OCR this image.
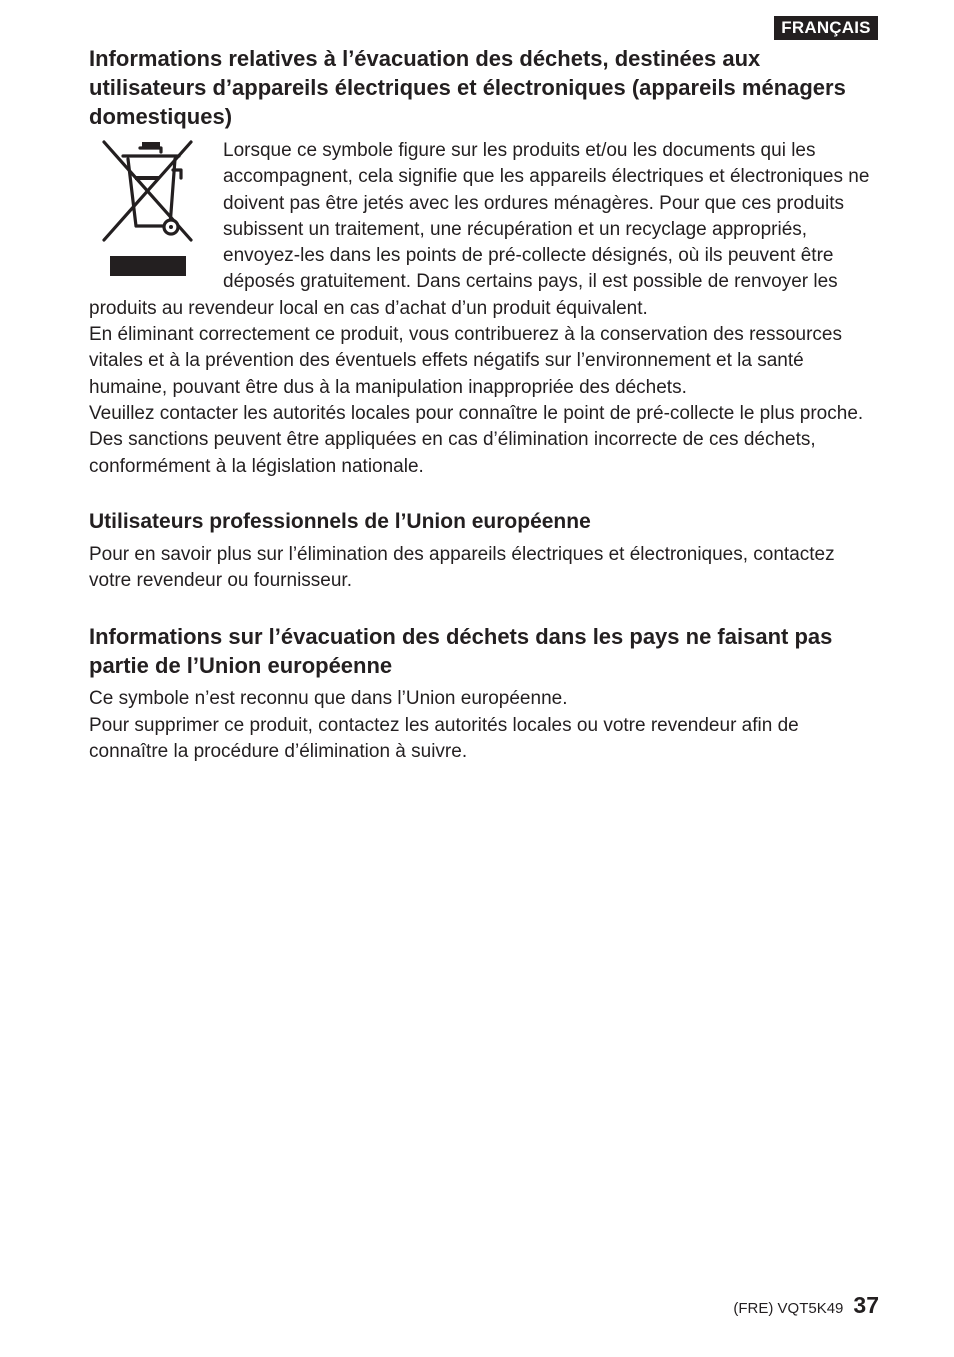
FRANÇAIS
Informations relatives à l’évacuation des déchets, destinées aux utilisateurs d’appareils électriques et électroniques (appareils ménagers domestiques)

Lorsque ce symbole figure sur les produits et/ou les documents qui les accompagnent, cela signifie que les appareils électriques et électroniques ne doivent pas être jetés avec les ordures ménagères. Pour que ces produits subissent un traitement, une récupération et un recyclage appropriés, envoyez-les dans les points de pré-collecte désignés, où ils peuvent être déposés gratuitement. Dans certains pays, il est possible de renvoyer les produits au revendeur local en cas d’achat d’un produit équivalent.

En éliminant correctement ce produit, vous contribuerez à la conservation des ressources vitales et à la prévention des éventuels effets négatifs sur l’environnement et la santé humaine, pouvant être dus à la manipulation inappropriée des déchets.

Veuillez contacter les autorités locales pour connaître le point de pré-collecte le plus proche.

Des sanctions peuvent être appliquées en cas d’élimination incorrecte de ces déchets, conformément à la législation nationale.

Utilisateurs professionnels de l’Union européenne

Pour en savoir plus sur l’élimination des appareils électriques et électroniques, contactez votre revendeur ou fournisseur.

Informations sur l’évacuation des déchets dans les pays ne faisant pas partie de l’Union européenne

Ce symbole n’est reconnu que dans l’Union européenne.

Pour supprimer ce produit, contactez les autorités locales ou votre revendeur afin de connaître la procédure d’élimination à suivre.

(FRE) VQT5K49 37
